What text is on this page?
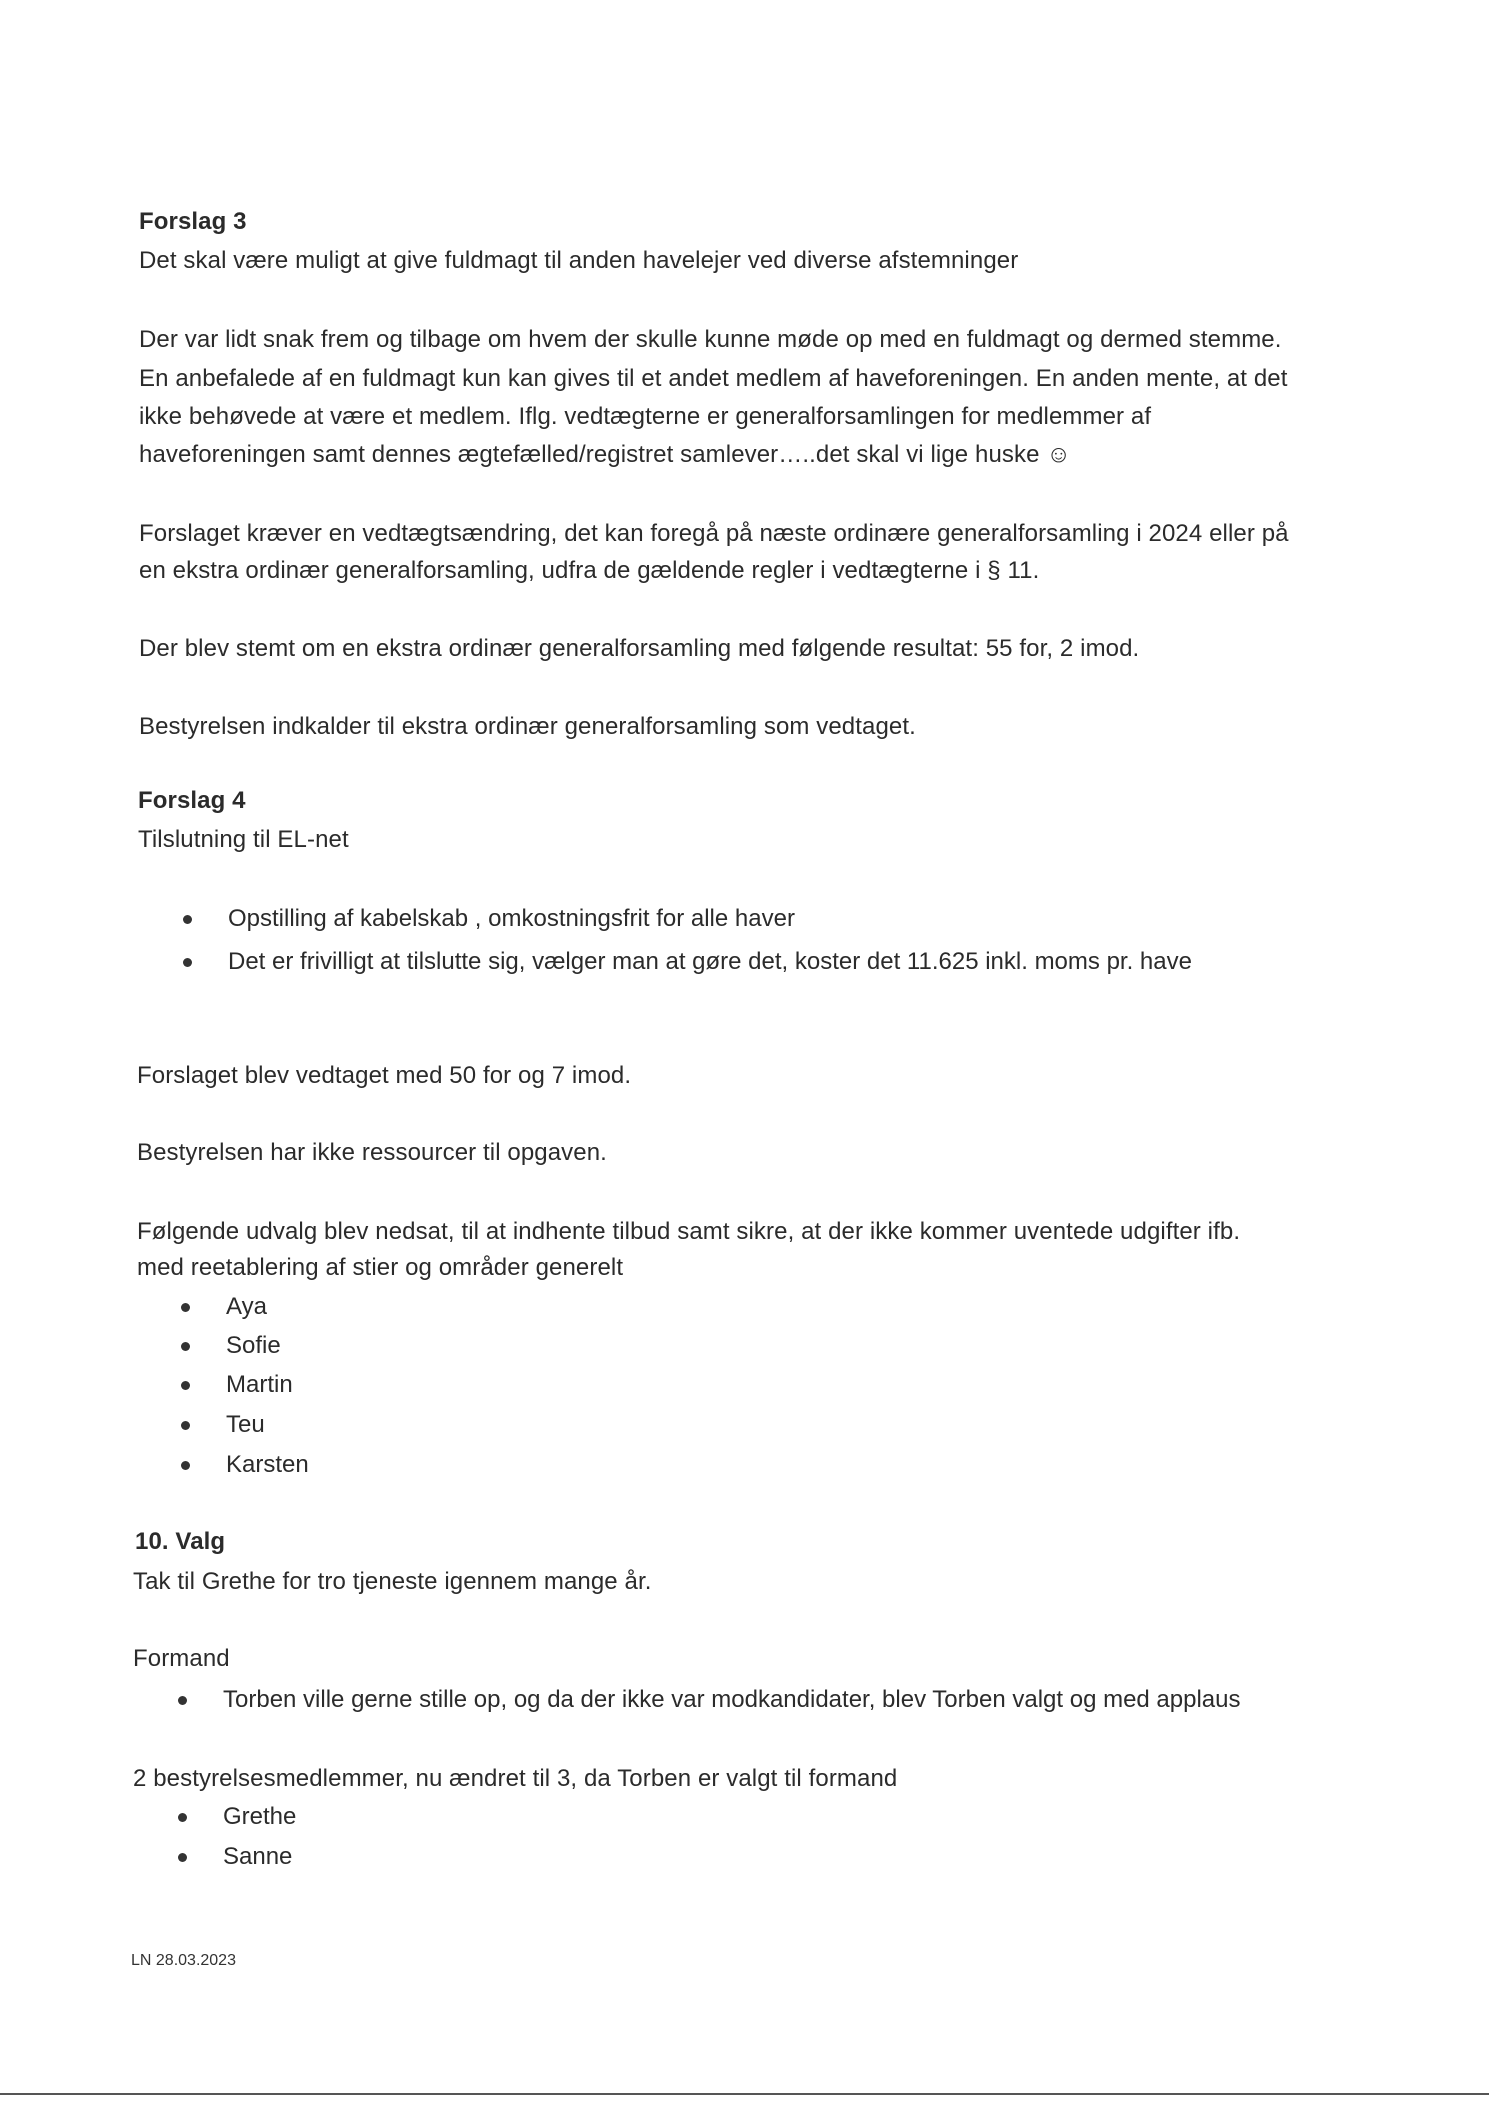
Forslag 3
Det skal være muligt at give fuldmagt til anden havelejer ved diverse afstemninger
Der var lidt snak frem og tilbage om hvem der skulle kunne møde op med en fuldmagt og dermed stemme.
En anbefalede af en fuldmagt kun kan gives til et andet medlem af haveforeningen. En anden mente, at det
ikke behøvede at være et medlem. Iflg. vedtægterne er generalforsamlingen for medlemmer af
haveforeningen samt dennes ægtefælled/registret samlever…..det skal vi lige huske ☺
Forslaget kræver en vedtægtsændring, det kan foregå på næste ordinære generalforsamling i 2024 eller på
en ekstra ordinær generalforsamling, udfra de gældende regler i vedtægterne i § 11.
Der blev stemt om en ekstra ordinær generalforsamling med følgende resultat: 55 for, 2 imod.
Bestyrelsen indkalder til ekstra ordinær generalforsamling som vedtaget.
Forslag 4
Tilslutning til EL-net
Opstilling af kabelskab , omkostningsfrit for alle haver
Det er frivilligt at tilslutte sig, vælger man at gøre det, koster det 11.625 inkl. moms pr. have
Forslaget blev vedtaget med 50 for og 7 imod.
Bestyrelsen har ikke ressourcer til opgaven.
Følgende udvalg blev nedsat, til at indhente tilbud samt sikre, at der ikke kommer uventede udgifter ifb.
med reetablering af stier og områder generelt
Aya
Sofie
Martin
Teu
Karsten
10. Valg
Tak til Grethe for tro tjeneste igennem mange år.
Formand
Torben ville gerne stille op, og da der ikke var modkandidater, blev Torben valgt og med applaus
2 bestyrelsesmedlemmer, nu ændret til 3, da Torben er valgt til formand
Grethe
Sanne
LN 28.03.2023
